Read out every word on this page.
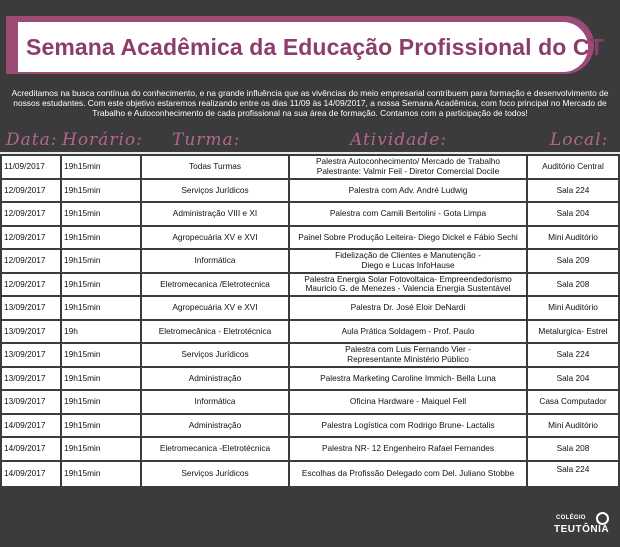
Semana Acadêmica da Educação Profissional do CT

Acreditamos na busca contínua do conhecimento, e na grande influência que as vivências do meio empresarial contribuem para formação e desenvolvimento de nossos estudantes. Com este objetivo estaremos realizando entre os dias 11/09 às 14/09/2017, a nossa Semana Acadêmica, com foco principal no Mercado de Trabalho e Autoconhecimento de cada profissional na sua área de formação. Contamos com a participação de todos!

Data: Horário: Turma:	Atividade:	Local:
11/09/2017	19h15min	Todas Turmas	Palestra Autoconhecimento/ Mercado de Trabalho
Palestrante: Valmir Feil - Diretor Comercial Docile	Auditório Central
12/09/2017	19h15min	Serviços Jurídicos	Palestra com Adv. André Ludwig	Sala 224
12/09/2017	19h15min	Administração VIII e XI	Palestra com Camili Bertolini - Gota Limpa	Sala 204
12/09/2017	19h15min	Agropecuária XV e XVI	Painel Sobre Produção Leiteira- Diego Dickel e Fábio Sechi	Mini Auditório
12/09/2017	19h15min	Informática	Fidelização de Clientes e Manutenção -
Diego e Lucas InfoHause	Sala 209
12/09/2017	19h15min	Eletromecanica /Eletrotecnica	Palestra Energia Solar Fotovoltaica- Empreendedorismo
Mauricio G. de Menezes - Valencia Energia Sustentável	Sala 208
13/09/2017	19h15min	Agropecuária XV e XVI	Palestra Dr. José Eloir DeNardi	Mini Auditório
13/09/2017	19h	Eletromecânica - Eletrotécnica	Aula Prática Soldagem - Prof. Paulo	Metalurgica- Estrel
13/09/2017	19h15min	Serviços Jurídicos	Palestra com Luis Fernando Vier -
Representante Ministério Público	Sala 224
13/09/2017	19h15min	Administração	Palestra Marketing Caroline Immich- Bella Luna	Sala 204
13/09/2017	19h15min	Informática	Oficina Hardware - Maiquel Fell	Casa Computador
14/09/2017	19h15min	Administração	Palestra Logística com Rodrigo Brune- Lactalis	Mini Auditório
14/09/2017	19h15min	Eletromecanica -Eletrotécnica	Palestra NR- 12 Engenheiro Rafael Fernandes	Sala 208
14/09/2017	19h15min	Serviços Jurídicos	Escolhas da Profissão Delegado com Del. Juliano Stobbe	Sala 224
COLÉGIO
TEUTÔNIA
